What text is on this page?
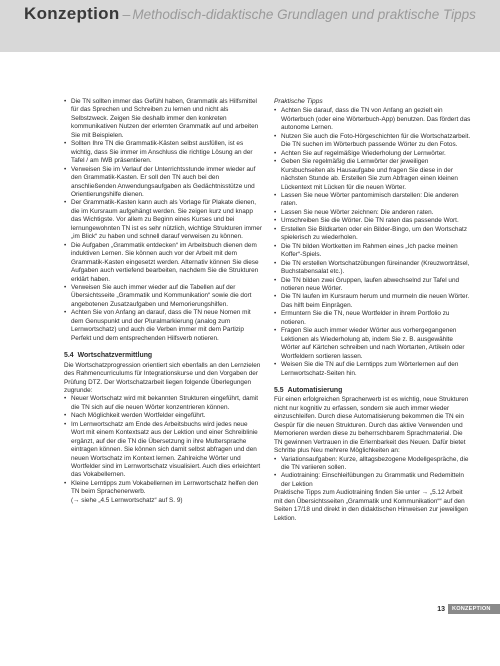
Konzeption – Methodisch-didaktische Grundlagen und praktische Tipps
• Die TN sollten immer das Gefühl haben, Grammatik als Hilfsmittel für das Sprechen und Schreiben zu lernen und nicht als Selbstzweck. Zeigen Sie deshalb immer den konkreten kommunikativen Nutzen der erlernten Grammatik auf und arbeiten Sie mit Beispielen.
• Sollten Ihre TN die Grammatik-Kästen selbst ausfüllen, ist es wichtig, dass Sie immer im Anschluss die richtige Lösung an der Tafel / am IWB präsentieren.
• Verweisen Sie im Verlauf der Unterrichtsstunde immer wieder auf den Grammatik-Kasten. Er soll den TN auch bei den anschließenden Anwendungsaufgaben als Gedächtnisstütze und Orientierungshilfe dienen.
• Der Grammatik-Kasten kann auch als Vorlage für Plakate dienen, die im Kursraum aufgehängt werden. Sie zeigen kurz und knapp das Wichtigste. Vor allem zu Beginn eines Kurses und bei lernungewohnten TN ist es sehr nützlich, wichtige Strukturen immer „im Blick“ zu haben und schnell darauf verweisen zu können.
• Die Aufgaben „Grammatik entdecken“ im Arbeitsbuch dienen dem induktiven Lernen. Sie können auch vor der Arbeit mit dem Grammatik-Kasten eingesetzt werden. Alternativ können Sie diese Aufgaben auch vertiefend bearbeiten, nachdem Sie die Strukturen erklärt haben.
• Verweisen Sie auch immer wieder auf die Tabellen auf der Übersichtsseite „Grammatik und Kommunikation“ sowie die dort angebotenen Zusatzaufgaben und Memorierungshilfen.
• Achten Sie von Anfang an darauf, dass die TN neue Nomen mit dem Genuspunkt und der Pluralmarkierung (analog zum Lernwortschatz) und auch die Verben immer mit dem Partizip Perfekt und dem entsprechenden Hilfsverb notieren.
5.4 Wortschatzvermittlung
Die Wortschatzprogression orientiert sich ebenfalls an den Lernzielen des Rahmencurriculums für Integrationskurse und den Vorgaben der Prüfung DTZ. Der Wortschatzarbeit liegen folgende Überlegungen zugrunde:
• Neuer Wortschatz wird mit bekannten Strukturen eingeführt, damit die TN sich auf die neuen Wörter konzentrieren können.
• Nach Möglichkeit werden Wortfelder eingeführt.
• Im Lernwortschatz am Ende des Arbeitsbuchs wird jedes neue Wort mit einem Kontextsatz aus der Lektion und einer Schreiblinie ergänzt, auf der die TN die Übersetzung in ihre Muttersprache eintragen können. Sie können sich damit selbst abfragen und den neuen Wortschatz im Kontext lernen. Zahlreiche Wörter und Wortfelder sind im Lernwortschatz visualisiert. Auch dies erleichtert das Vokabellernen.
• Kleine Lerntipps zum Vokabellernen im Lernwortschatz helfen den TN beim Sprachenerwerb.
(→ siehe „4.5 Lernwortschatz“ auf S. 9)
Praktische Tipps
• Achten Sie darauf, dass die TN von Anfang an gezielt ein Wörterbuch (oder eine Wörterbuch-App) benutzen. Das fördert das autonome Lernen.
• Nutzen Sie auch die Foto-Hörgeschichten für die Wortschatzarbeit. Die TN suchen im Wörterbuch passende Wörter zu den Fotos.
• Achten Sie auf regelmäßige Wiederholung der Lernwörter.
• Geben Sie regelmäßig die Lernwörter der jeweiligen Kursbuchseiten als Hausaufgabe und fragen Sie diese in der nächsten Stunde ab. Erstellen Sie zum Abfragen einen kleinen Lückentext mit Lücken für die neuen Wörter.
• Lassen Sie neue Wörter pantomimisch darstellen: Die anderen raten.
• Lassen Sie neue Wörter zeichnen: Die anderen raten.
• Umschreiben Sie die Wörter. Die TN raten das passende Wort.
• Erstellen Sie Bildkarten oder ein Bilder-Bingo, um den Wortschatz spielerisch zu wiederholen.
• Die TN bilden Wortketten im Rahmen eines „Ich packe meinen Koffer“-Spiels.
• Die TN erstellen Wortschatzübungen füreinander (Kreuzworträtsel, Buchstabensalat etc.).
• Die TN bilden zwei Gruppen, laufen abwechselnd zur Tafel und notieren neue Wörter.
• Die TN laufen im Kursraum herum und murmeln die neuen Wörter. Das hilft beim Einprägen.
• Ermuntern Sie die TN, neue Wortfelder in ihrem Portfolio zu notieren.
• Fragen Sie auch immer wieder Wörter aus vorhergegangenen Lektionen als Wiederholung ab, indem Sie z. B. ausgewählte Wörter auf Kärtchen schreiben und nach Wortarten, Artikeln oder Wortfeldern sortieren lassen.
• Weisen Sie die TN auf die Lerntipps zum Wörterlernen auf den Lernwortschatz-Seiten hin.
5.5 Automatisierung
Für einen erfolgreichen Spracherwerb ist es wichtig, neue Strukturen nicht nur kognitiv zu erfassen, sondern sie auch immer wieder einzuschleifen. Durch diese Automatisierung bekommen die TN ein Gespür für die neuen Strukturen. Durch das aktive Verwenden und Memorieren werden diese zu beherrschbarem Sprachmaterial. Die TN gewinnen Vertrauen in die Erlernbarkeit des Neuen. Dafür bietet Schritte plus Neu mehrere Möglichkeiten an:
• Variationsaufgaben: Kurze, alltagsbezogene Modellgespräche, die die TN variieren sollen.
• Audiotraining: Einschleifübungen zu Grammatik und Redemitteln der Lektion
Praktische Tipps zum Audiotraining finden Sie unter → „5.12 Arbeit mit den Übersichtsseiten „Grammatik und Kommunikation““ auf den Seiten 17/18 und direkt in den didaktischen Hinweisen zur jeweiligen Lektion.
13	KONZEPTION
